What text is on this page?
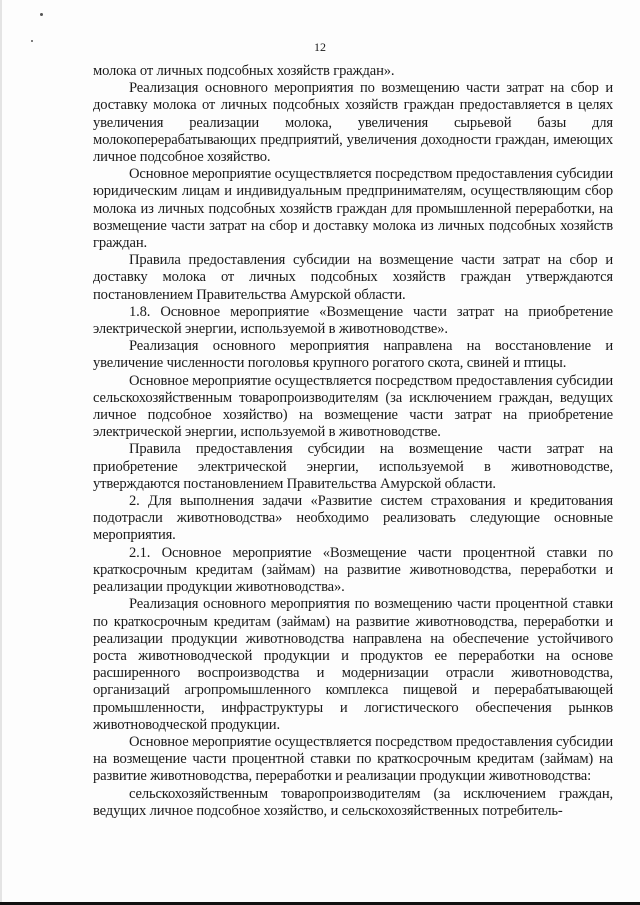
12

молока от личных подсобных хозяйств граждан».

Реализация основного мероприятия по возмещению части затрат на сбор и доставку молока от личных подсобных хозяйств граждан предоставляется в целях увеличения реализации молока, увеличения сырьевой базы для молокоперерабатывающих предприятий, увеличения доходности граждан, имеющих личное подсобное хозяйство.

Основное мероприятие осуществляется посредством предоставления субсидии юридическим лицам и индивидуальным предпринимателям, осуществляющим сбор молока из личных подсобных хозяйств граждан для промышленной переработки, на возмещение части затрат на сбор и доставку молока из личных подсобных хозяйств граждан.

Правила предоставления субсидии на возмещение части затрат на сбор и доставку молока от личных подсобных хозяйств граждан утверждаются постановлением Правительства Амурской области.

1.8. Основное мероприятие «Возмещение части затрат на приобретение электрической энергии, используемой в животноводстве».

Реализация основного мероприятия направлена на восстановление и увеличение численности поголовья крупного рогатого скота, свиней и птицы.

Основное мероприятие осуществляется посредством предоставления субсидии сельскохозяйственным товаропроизводителям (за исключением граждан, ведущих личное подсобное хозяйство) на возмещение части затрат на приобретение электрической энергии, используемой в животноводстве.

Правила предоставления субсидии на возмещение части затрат на приобретение электрической энергии, используемой в животноводстве, утверждаются постановлением Правительства Амурской области.

2. Для выполнения задачи «Развитие систем страхования и кредитования подотрасли животноводства» необходимо реализовать следующие основные мероприятия.

2.1. Основное мероприятие «Возмещение части процентной ставки по краткосрочным кредитам (займам) на развитие животноводства, переработки и реализации продукции животноводства».

Реализация основного мероприятия по возмещению части процентной ставки по краткосрочным кредитам (займам) на развитие животноводства, переработки и реализации продукции животноводства направлена на обеспечение устойчивого роста животноводческой продукции и продуктов ее переработки на основе расширенного воспроизводства и модернизации отрасли животноводства, организаций агропромышленного комплекса пищевой и перерабатывающей промышленности, инфраструктуры и логистического обеспечения рынков животноводческой продукции.

Основное мероприятие осуществляется посредством предоставления субсидии на возмещение части процентной ставки по краткосрочным кредитам (займам) на развитие животноводства, переработки и реализации продукции животноводства:

сельскохозяйственным товаропроизводителям (за исключением граждан, ведущих личное подсобное хозяйство, и сельскохозяйственных потребитель-
